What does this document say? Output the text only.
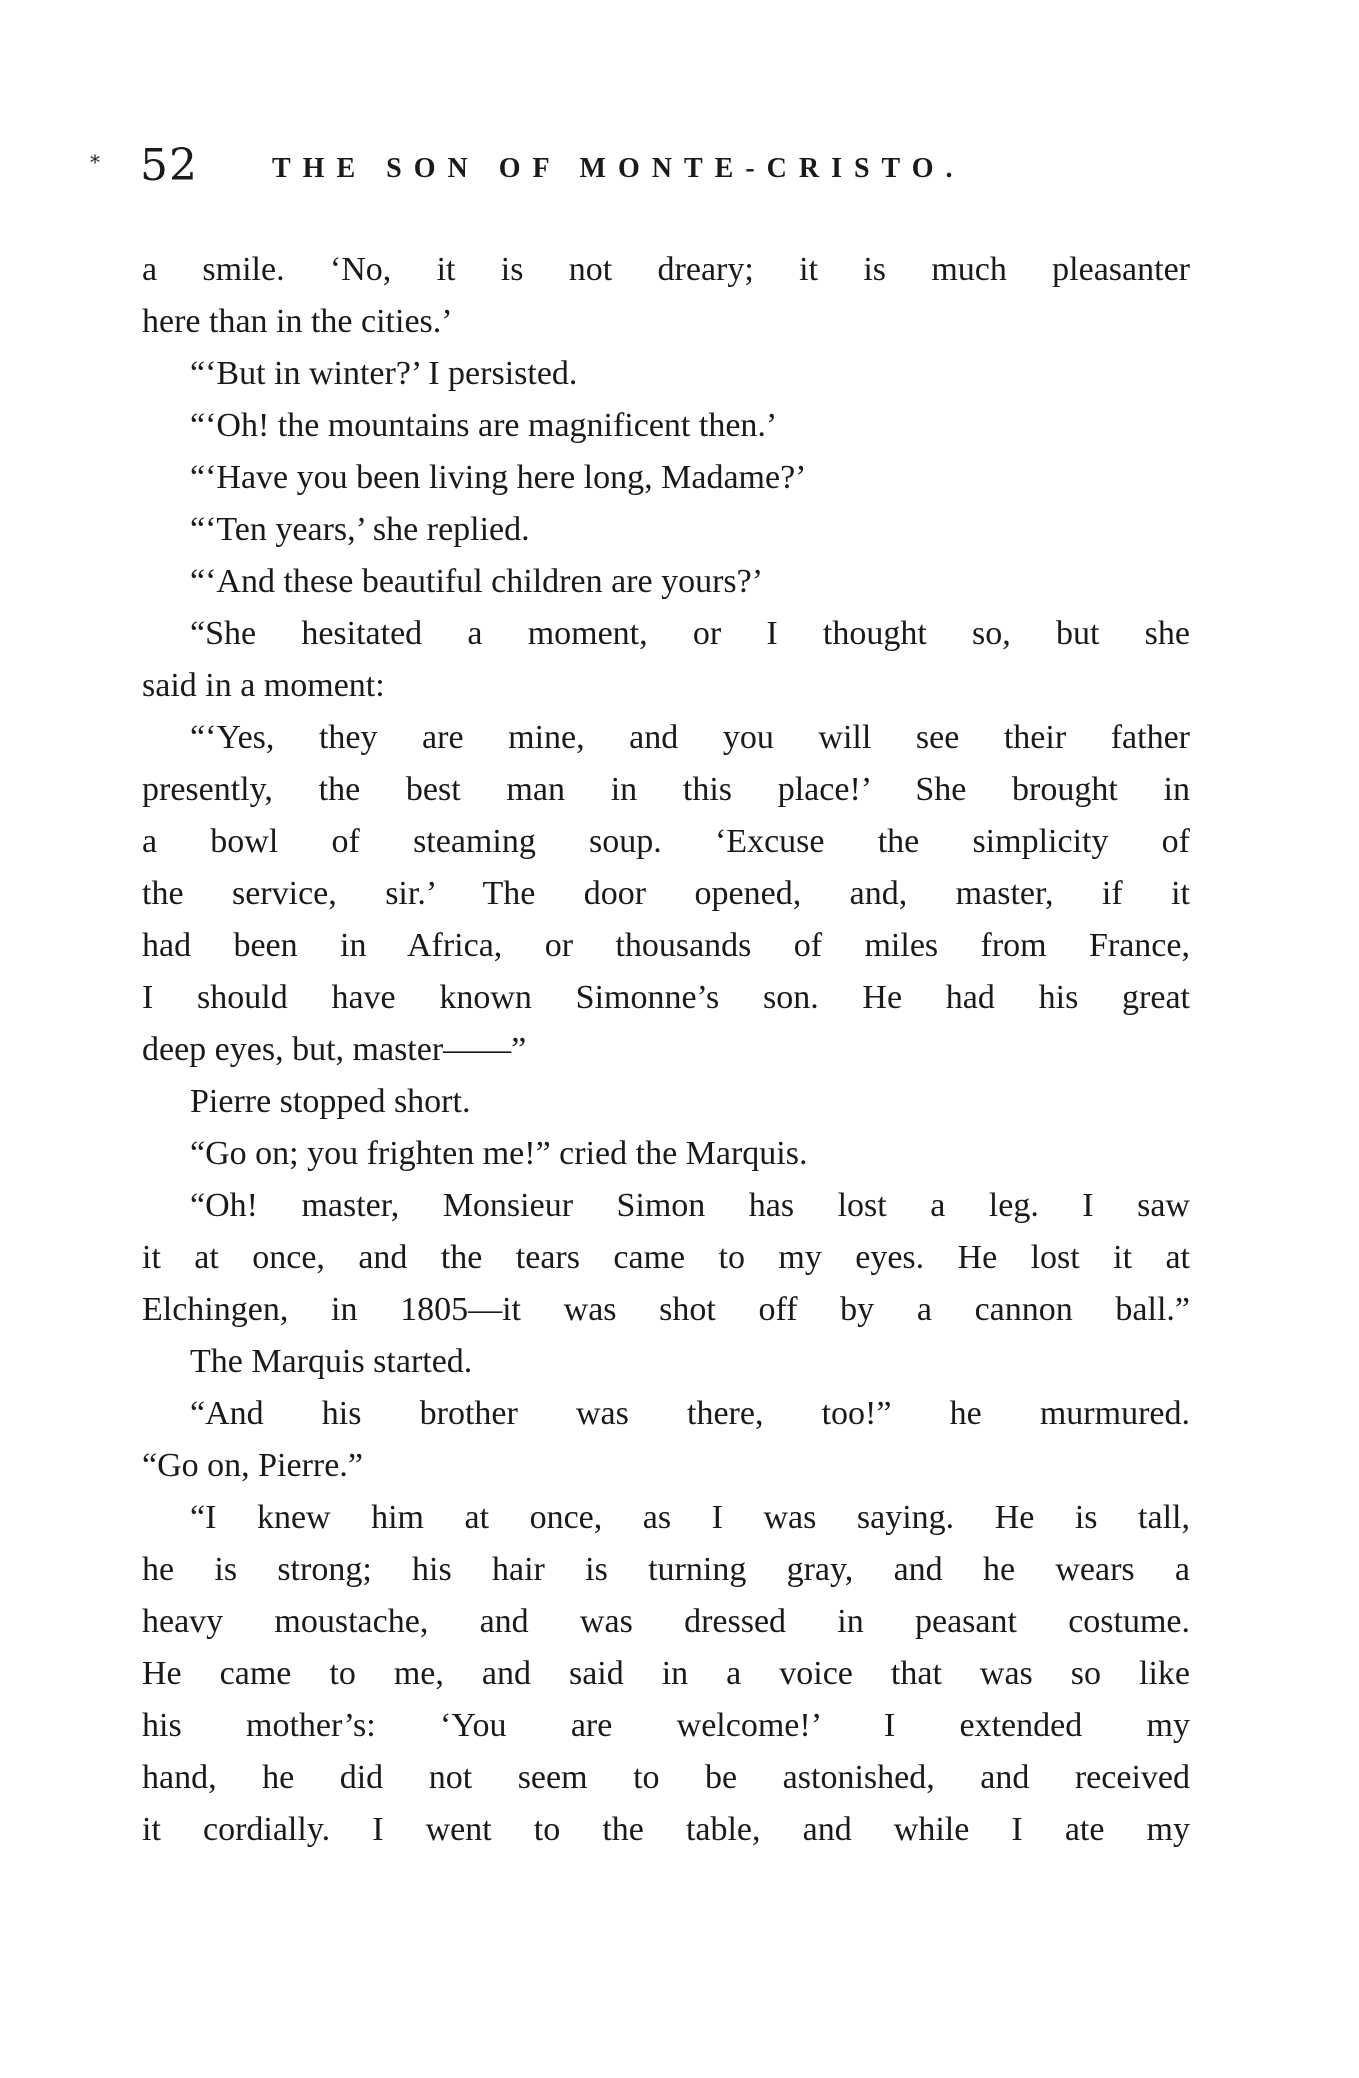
* 52	THE SON OF MONTE-CRISTO.
a smile. ‘No, it is not dreary; it is much pleasanter
here than in the cities.’
“‘But in winter?’ I persisted.
“‘Oh! the mountains are magnificent then.’
“‘Have you been living here long, Madame?’
“‘Ten years,’ she replied.
“‘And these beautiful children are yours?’
“She hesitated a moment, or I thought so, but she
said in a moment:
“‘Yes, they are mine, and you will see their father
presently, the best man in this place!’ She brought in
a bowl of steaming soup. ‘Excuse the simplicity of
the service, sir.’ The door opened, and, master, if it
had been in Africa, or thousands of miles from France,
I should have known Simonne’s son. He had his great
deep eyes, but, master——”
Pierre stopped short.
“Go on; you frighten me!” cried the Marquis.
“Oh! master, Monsieur Simon has lost a leg. I saw
it at once, and the tears came to my eyes. He lost it at
Elchingen, in 1805—it was shot off by a cannon ball.”
The Marquis started.
“And his brother was there, too!” he murmured.
“Go on, Pierre.”
“I knew him at once, as I was saying. He is tall,
he is strong; his hair is turning gray, and he wears a
heavy moustache, and was dressed in peasant costume.
He came to me, and said in a voice that was so like
his mother’s: ‘You are welcome!’ I extended my
hand, he did not seem to be astonished, and received
it cordially. I went to the table, and while I ate my
